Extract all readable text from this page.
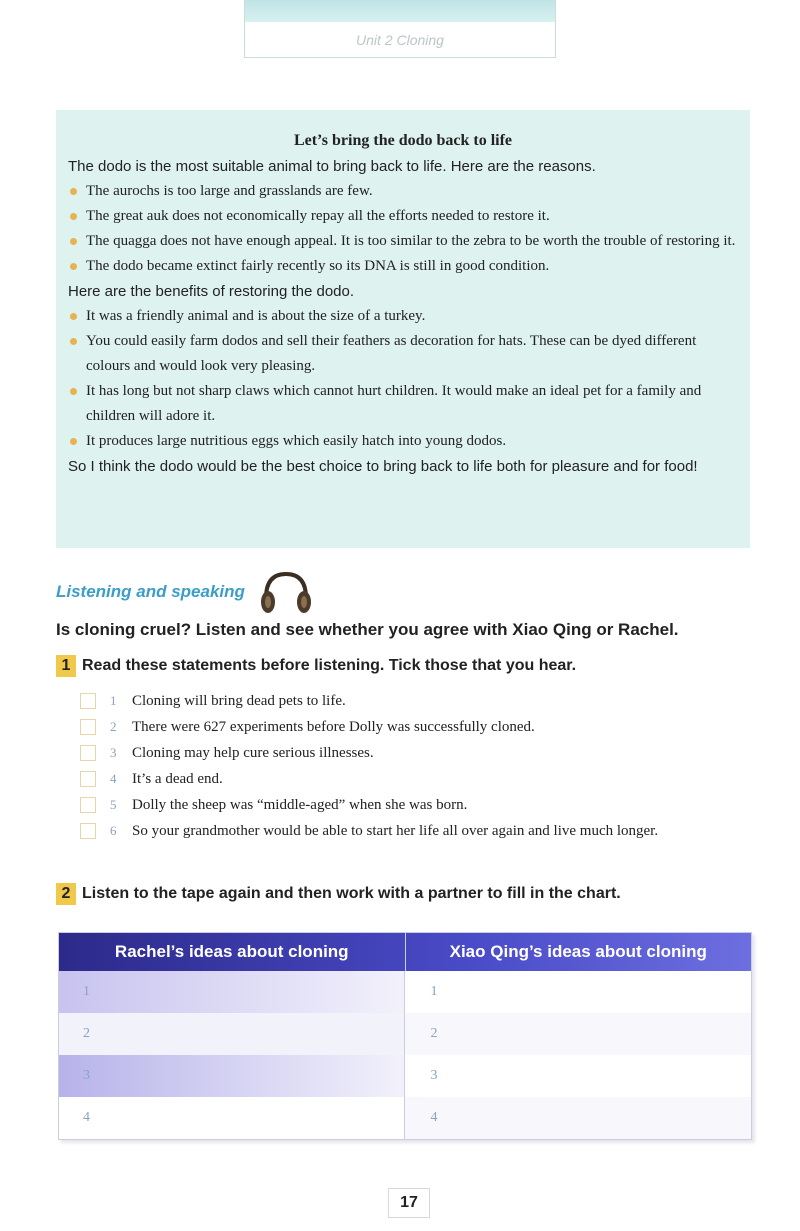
Unit 2 Cloning
Let’s bring the dodo back to life
The dodo is the most suitable animal to bring back to life. Here are the reasons.
The aurochs is too large and grasslands are few.
The great auk does not economically repay all the efforts needed to restore it.
The quagga does not have enough appeal. It is too similar to the zebra to be worth the trouble of restoring it.
The dodo became extinct fairly recently so its DNA is still in good condition.
Here are the benefits of restoring the dodo.
It was a friendly animal and is about the size of a turkey.
You could easily farm dodos and sell their feathers as decoration for hats. These can be dyed different colours and would look very pleasing.
It has long but not sharp claws which cannot hurt children. It would make an ideal pet for a family and children will adore it.
It produces large nutritious eggs which easily hatch into young dodos.
So I think the dodo would be the best choice to bring back to life both for pleasure and for food!
Listening and speaking
Is cloning cruel? Listen and see whether you agree with Xiao Qing or Rachel.
1 Read these statements before listening. Tick those that you hear.
1	Cloning will bring dead pets to life.
2	There were 627 experiments before Dolly was successfully cloned.
3	Cloning may help cure serious illnesses.
4	It’s a dead end.
5	Dolly the sheep was “middle-aged” when she was born.
6	So your grandmother would be able to start her life all over again and live much longer.
2 Listen to the tape again and then work with a partner to fill in the chart.
Rachel’s ideas about cloning	Xiao Qing’s ideas about cloning
1	1
2	2
3	3
4	4
17
